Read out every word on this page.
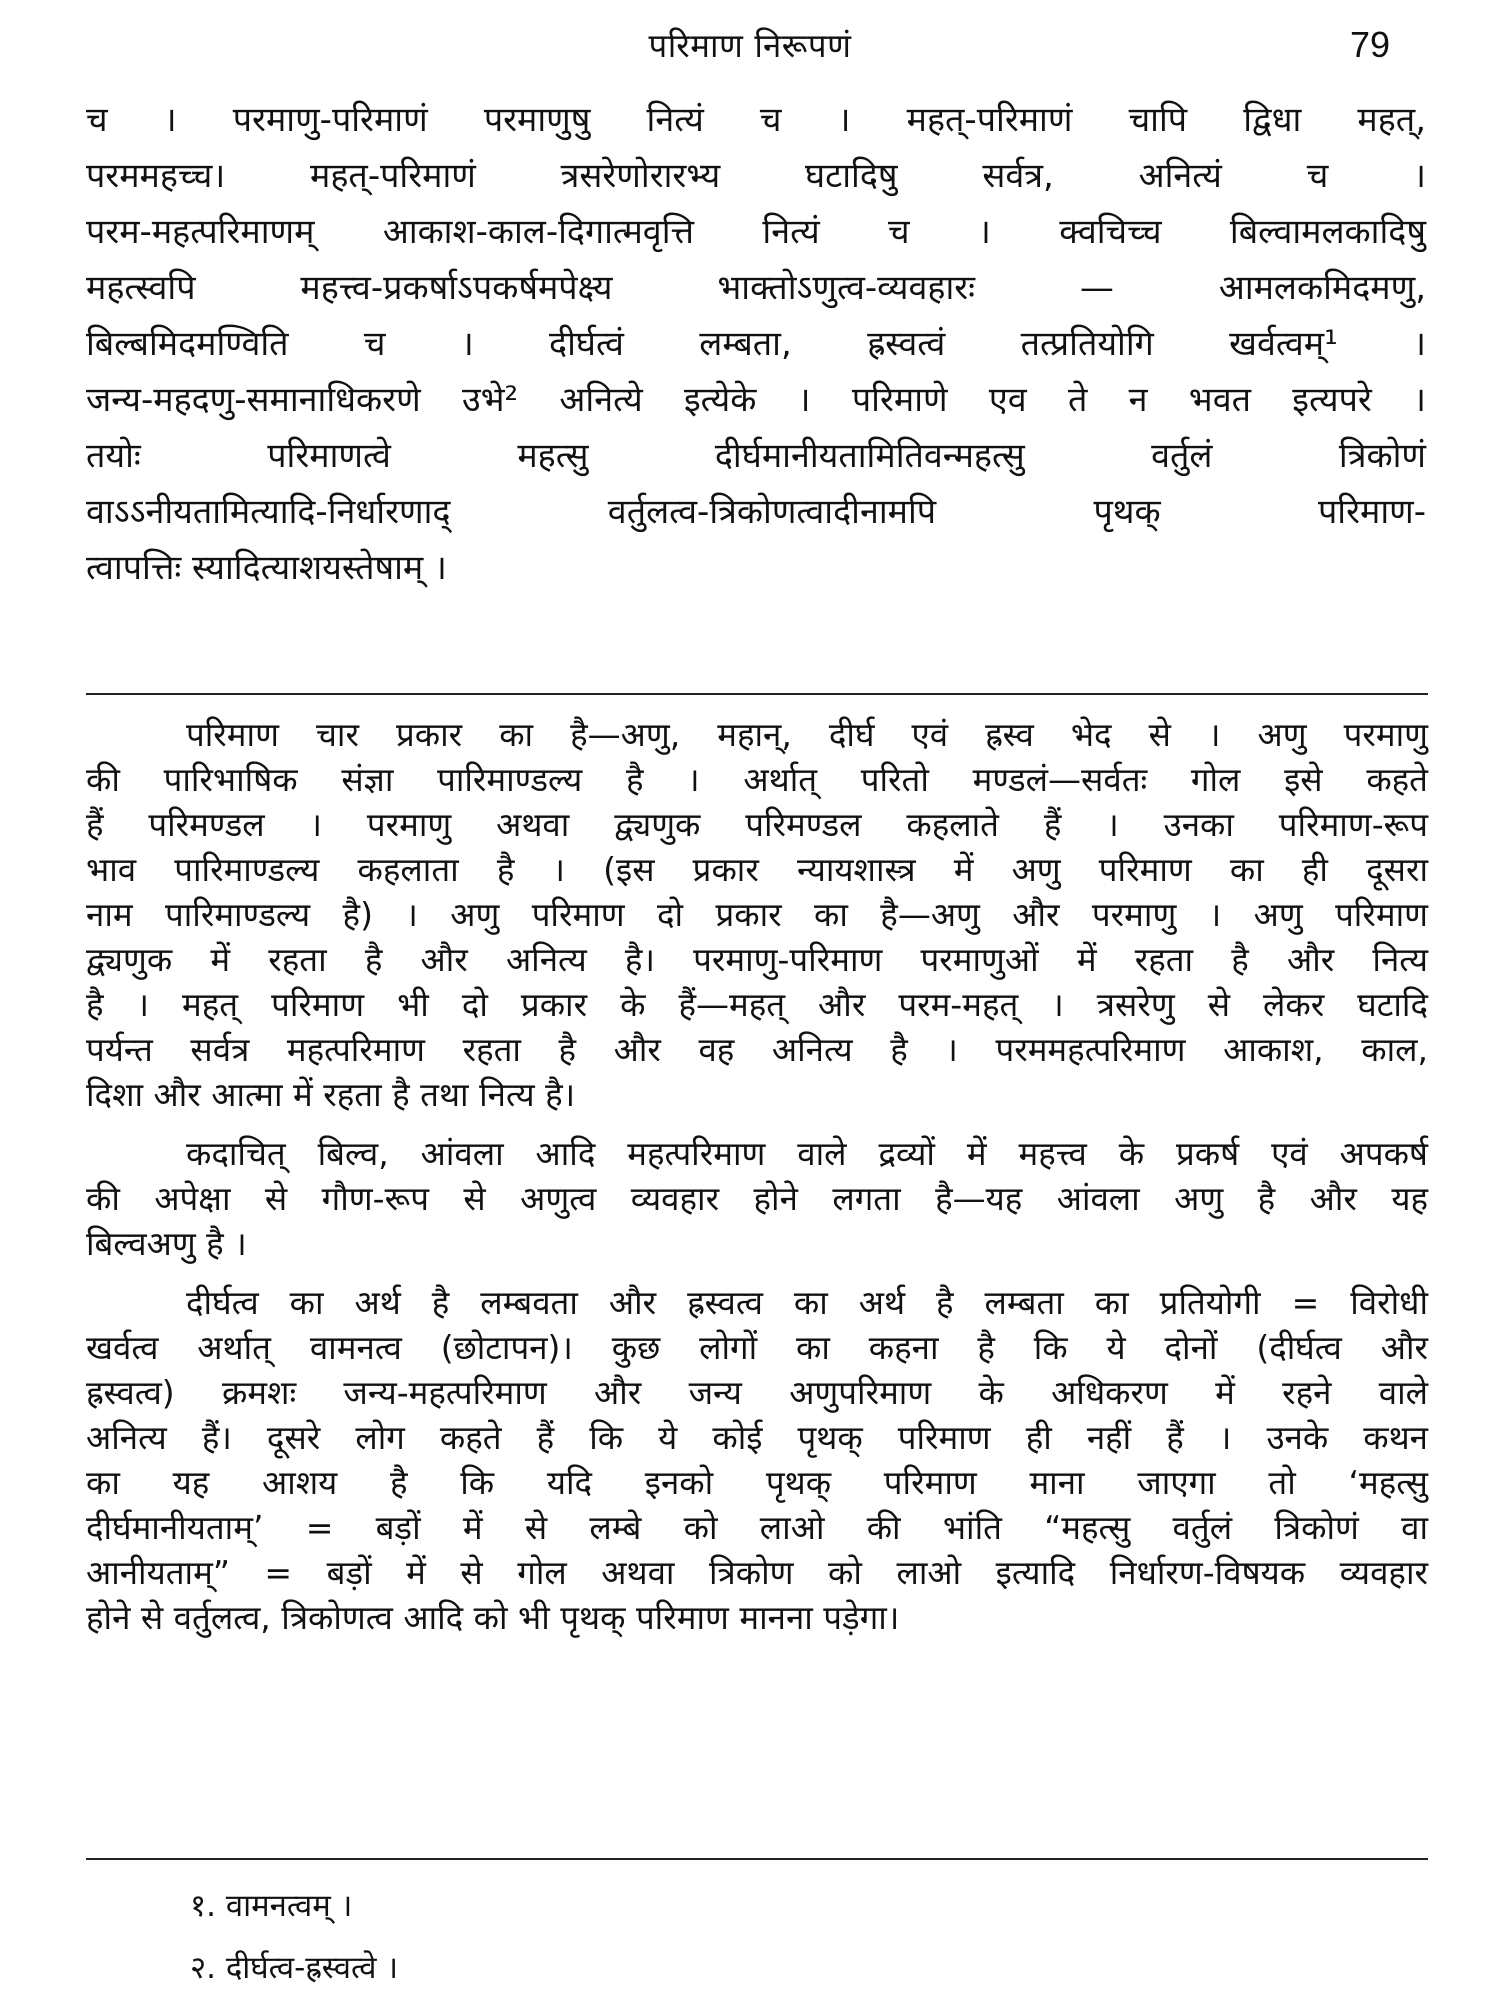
परिमाण निरूपणं	79
च । परमाणु-परिमाणं परमाणुषु नित्यं च । महत्-परिमाणं चापि द्विधा महत्,
परममहच्च। महत्-परिमाणं त्रसरेणोरारभ्य घटादिषु सर्वत्र, अनित्यं च ।
परम-महत्परिमाणम् आकाश-काल-दिगात्मवृत्ति नित्यं च । क्वचिच्च बिल्वामलकादिषु
महत्स्वपि महत्त्व-प्रकर्षाऽपकर्षमपेक्ष्य भाक्तोऽणुत्व-व्यवहारः — आमलकमिदमणु,
बिल्बमिदमण्विति च । दीर्घत्वं लम्बता, ह्रस्वत्वं तत्प्रतियोगि खर्वत्वम्¹ ।
जन्य-महदणु-समानाधिकरणे उभे² अनित्ये इत्येके । परिमाणे एव ते न भवत इत्यपरे ।
तयोः परिमाणत्वे महत्सु दीर्घमानीयतामितिवन्महत्सु वर्तुलं त्रिकोणं
वाऽऽनीयतामित्यादि-निर्धारणाद् वर्तुलत्व-त्रिकोणत्वादीनामपि पृथक् परिमाण-
त्वापत्तिः स्यादित्याशयस्तेषाम् ।
परिमाण चार प्रकार का है—अणु, महान्, दीर्घ एवं ह्रस्व भेद से । अणु परमाणु
की पारिभाषिक संज्ञा पारिमाण्डल्य है । अर्थात् परितो मण्डलं—सर्वतः गोल इसे कहते
हैं परिमण्डल । परमाणु अथवा द्व्यणुक परिमण्डल कहलाते हैं । उनका परिमाण-रूप
भाव पारिमाण्डल्य कहलाता है । (इस प्रकार न्यायशास्त्र में अणु परिमाण का ही दूसरा
नाम पारिमाण्डल्य है) । अणु परिमाण दो प्रकार का है—अणु और परमाणु । अणु परिमाण
द्व्यणुक में रहता है और अनित्य है। परमाणु-परिमाण परमाणुओं में रहता है और नित्य
है । महत् परिमाण भी दो प्रकार के हैं—महत् और परम-महत् । त्रसरेणु से लेकर घटादि
पर्यन्त सर्वत्र महत्परिमाण रहता है और वह अनित्य है । परममहत्परिमाण आकाश, काल,
दिशा और आत्मा में रहता है तथा नित्य है।
कदाचित् बिल्व, आंवला आदि महत्परिमाण वाले द्रव्यों में महत्त्व के प्रकर्ष एवं अपकर्ष
की अपेक्षा से गौण-रूप से अणुत्व व्यवहार होने लगता है—यह आंवला अणु है और यह
बिल्वअणु है ।
दीर्घत्व का अर्थ है लम्बवता और ह्रस्वत्व का अर्थ है लम्बता का प्रतियोगी = विरोधी
खर्वत्व अर्थात् वामनत्व (छोटापन)। कुछ लोगों का कहना है कि ये दोनों (दीर्घत्व और
ह्रस्वत्व) क्रमशः जन्य-महत्परिमाण और जन्य अणुपरिमाण के अधिकरण में रहने वाले
अनित्य हैं। दूसरे लोग कहते हैं कि ये कोई पृथक् परिमाण ही नहीं हैं । उनके कथन
का यह आशय है कि यदि इनको पृथक् परिमाण माना जाएगा तो ‘महत्सु
दीर्घमानीयताम्’ = बड़ों में से लम्बे को लाओ की भांति “महत्सु वर्तुलं त्रिकोणं वा
आनीयताम्” = बड़ों में से गोल अथवा त्रिकोण को लाओ इत्यादि निर्धारण-विषयक व्यवहार
होने से वर्तुलत्व, त्रिकोणत्व आदि को भी पृथक् परिमाण मानना पड़ेगा।
१. वामनत्वम् ।
२. दीर्घत्व-ह्रस्वत्वे ।
